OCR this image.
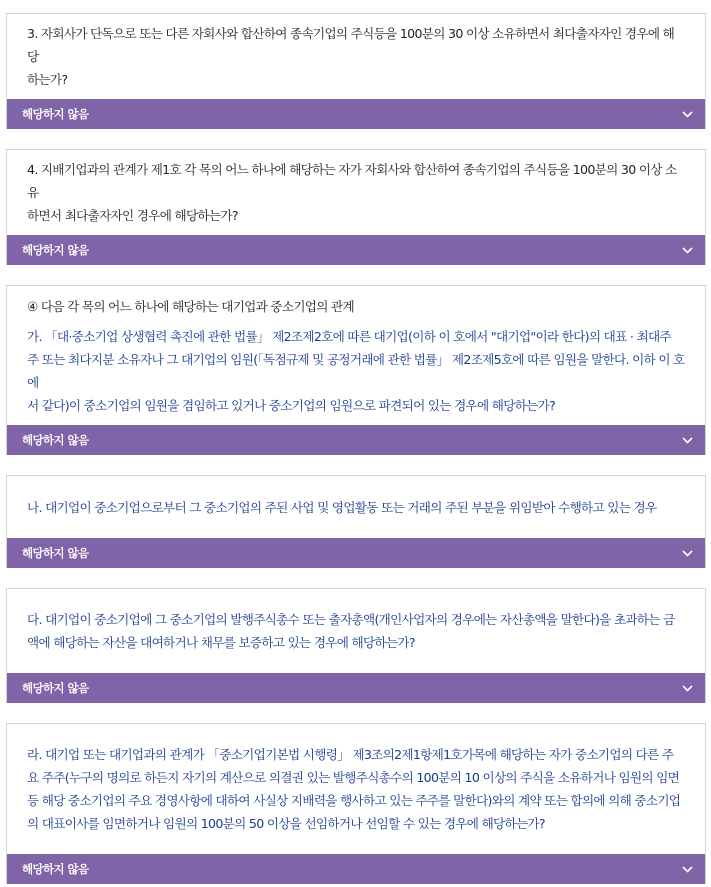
3. 자회사가 단독으로 또는 다른 자회사와 합산하여 종속기업의 주식등을 100분의 30 이상 소유하면서 최다출자자인 경우에 해당
하는가?
해당하지 않음
4. 지배기업과의 관계가 제1호 각 목의 어느 하나에 해당하는 자가 자회사와 합산하여 종속기업의 주식등을 100분의 30 이상 소유
하면서 최다출자자인 경우에 해당하는가?
해당하지 않음
④ 다음 각 목의 어느 하나에 해당하는 대기업과 중소기업의 관계
가. 「대·중소기업 상생협력 촉진에 관한 법률」 제2조제2호에 따른 대기업(이하 이 호에서 "대기업"이라 한다)의 대표 · 최대주
주 또는 최다지분 소유자나 그 대기업의 임원(「독점규제 및 공정거래에 관한 법률」 제2조제5호에 따른 임원을 말한다. 이하 이 호에
서 같다)이 중소기업의 임원을 겸임하고 있거나 중소기업의 임원으로 파견되어 있는 경우에 해당하는가?
해당하지 않음
나. 대기업이 중소기업으로부터 그 중소기업의 주된 사업 및 영업활동 또는 거래의 주된 부분을 위임받아 수행하고 있는 경우
해당하지 않음
다. 대기업이 중소기업에 그 중소기업의 발행주식총수 또는 출자총액(개인사업자의 경우에는 자산총액을 말한다)을 초과하는 금
액에 해당하는 자산을 대여하거나 채무를 보증하고 있는 경우에 해당하는가?
해당하지 않음
라. 대기업 또는 대기업과의 관계가 「중소기업기본법 시행령」 제3조의2제1항제1호가목에 해당하는 자가 중소기업의 다른 주
요 주주(누구의 명의로 하든지 자기의 계산으로 의결권 있는 발행주식총수의 100분의 10 이상의 주식을 소유하거나 임원의 임면
등 해당 중소기업의 주요 경영사항에 대하여 사실상 지배력을 행사하고 있는 주주를 말한다)와의 계약 또는 합의에 의해 중소기업
의 대표이사를 임면하거나 임원의 100분의 50 이상을 선임하거나 선임할 수 있는 경우에 해당하는가?
해당하지 않음
